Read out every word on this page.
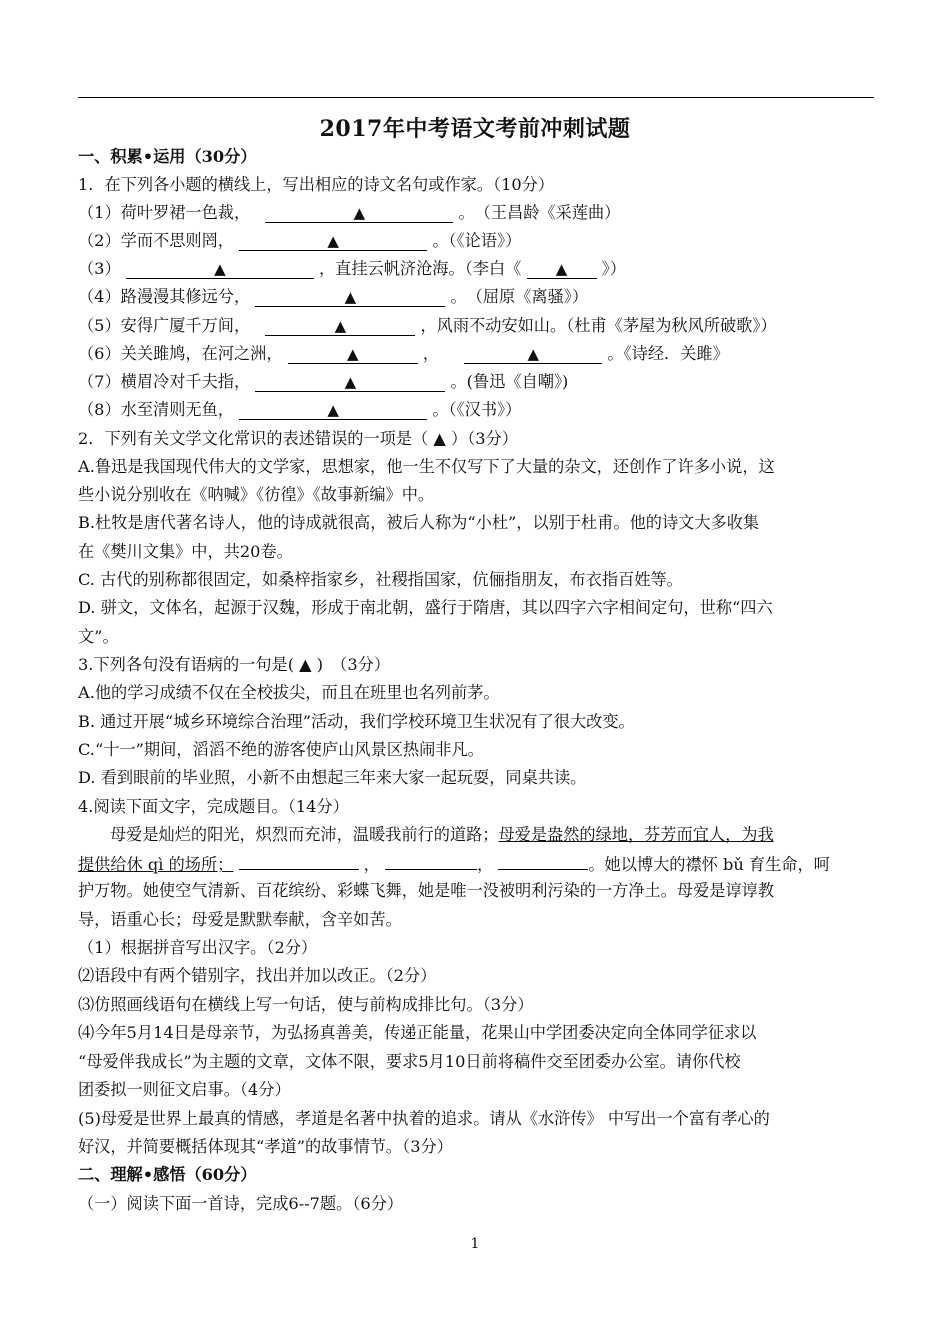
2017年中考语文考前冲刺试题
一、积累•运用（30分）
1．在下列各小题的横线上，写出相应的诗文名句或作家。（10分）
（1）荷叶罗裙一色裁，	▲	。　（王昌龄《采莲曲）
（2）学而不思则罔，	▲	。（《论语》）
（3）	▲	，直挂云帆济沧海。（李白《 ▲ 》）
（4）路漫漫其修远兮，	▲	。　（屈原《离骚》）
（5）安得广厦千万间，	▲	，风雨不动安如山。（杜甫《茅屋为秋风所破歌》）
（6）关关雎鸠，在河之洲，	▲	，	▲	。《诗经．关雎》
（7）横眉冷对千夫指，	▲	。(鲁迅《自嘲》)
（8）水至清则无鱼，	▲	。（《汉书》）
2．下列有关文学文化常识的表述错误的一项是（ ▲ ）（3分）
A.鲁迅是我国现代伟大的文学家，思想家，他一生不仅写下了大量的杂文，还创作了许多小说，这
些小说分别收在《呐喊》《彷徨》《故事新编》中。
B.杜牧是唐代著名诗人，他的诗成就很高，被后人称为“小杜”，以别于杜甫。他的诗文大多收集
在《樊川文集》中，共20卷。
C. 古代的别称都很固定，如桑梓指家乡，社稷指国家，伉俪指朋友，布衣指百姓等。
D. 骈文，文体名，起源于汉魏，形成于南北朝，盛行于隋唐，其以四字六字相间定句，世称“四六
文”。
3.下列各句没有语病的一句是( ▲ )　（3分）
A.他的学习成绩不仅在全校拔尖，而且在班里也名列前茅。
B. 通过开展“城乡环境综合治理”活动，我们学校环境卫生状况有了很大改变。
C.“十一”期间，滔滔不绝的游客使庐山风景区热闹非凡。
D. 看到眼前的毕业照，小新不由想起三年来大家一起玩耍，同桌共读。
4.阅读下面文字，完成题目。（14分）
母爱是灿烂的阳光，炽烈而充沛，温暖我前行的道路；母爱是盎然的绿地，芬芳而宜人，为我
提供给休 qì 的场所；	，	，	。她以博大的襟怀 bǔ 育生命，呵
护万物。她使空气清新、百花缤纷、彩蝶飞舞，她是唯一没被明利污染的一方净土。母爱是谆谆教
导，语重心长；母爱是默默奉献，含辛如苦。
（1）根据拼音写出汉字。（2分）
⑵语段中有两个错别字，找出并加以改正。（2分）
⑶仿照画线语句在横线上写一句话，使与前构成排比句。（3分）
⑷今年5月14日是母亲节，为弘扬真善美，传递正能量，花果山中学团委决定向全体同学征求以
“母爱伴我成长”为主题的文章，文体不限，要求5月10日前将稿件交至团委办公室。请你代校
团委拟一则征文启事。（4分）
(5)母爱是世界上最真的情感，孝道是名著中执着的追求。请从《水浒传》 中写出一个富有孝心的
好汉，并简要概括体现其“孝道”的故事情节。（3分）
二、理解•感悟（60分）
（一）阅读下面一首诗，完成6--7题。（6分）
1
